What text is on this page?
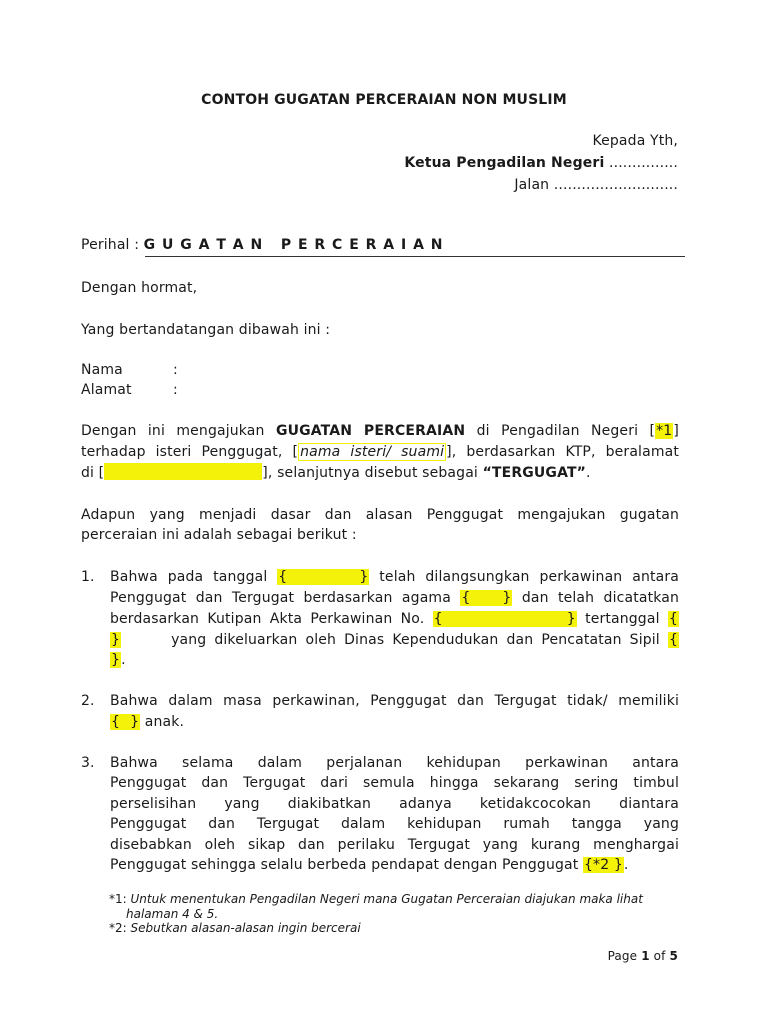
CONTOH GUGATAN PERCERAIAN NON MUSLIM
Kepada Yth,
Ketua Pengadilan Negeri ...............
Jalan ...........................
Perihal : G U G A T A N   P E R C E R A I A N
Dengan hormat,
Yang bertandatangan dibawah ini :
Nama	:
Alamat	:
Dengan ini mengajukan GUGATAN PERCERAIAN di Pengadilan Negeri [*1]
terhadap isteri Penggugat, [ nama isteri/ suami ], berdasarkan KTP, beralamat
di [	], selanjutnya disebut sebagai “TERGUGAT”.
Adapun yang menjadi dasar dan alasan Penggugat mengajukan gugatan
perceraian ini adalah sebagai berikut :
1. Bahwa pada tanggal {	} telah dilangsungkan perkawinan antara
Penggugat dan Tergugat berdasarkan agama { } dan telah dicatatkan
berdasarkan Kutipan Akta Perkawinan No. {	} tertanggal {
}	yang dikeluarkan oleh Dinas Kependudukan dan Pencatatan Sipil {
}.
2. Bahwa dalam masa perkawinan, Penggugat dan Tergugat tidak/ memiliki
{ } anak.
3. Bahwa selama dalam perjalanan kehidupan perkawinan antara
Penggugat dan Tergugat dari semula hingga sekarang sering timbul
perselisihan yang diakibatkan adanya ketidakcocokan diantara
Penggugat dan Tergugat dalam kehidupan rumah tangga yang
disebabkan oleh sikap dan perilaku Tergugat yang kurang menghargai
Penggugat sehingga selalu berbeda pendapat dengan Penggugat {*2 }.
*1: Untuk menentukan Pengadilan Negeri mana Gugatan Perceraian diajukan maka lihat
halaman 4 & 5.
*2: Sebutkan alasan-alasan ingin bercerai
Page 1 of 5
